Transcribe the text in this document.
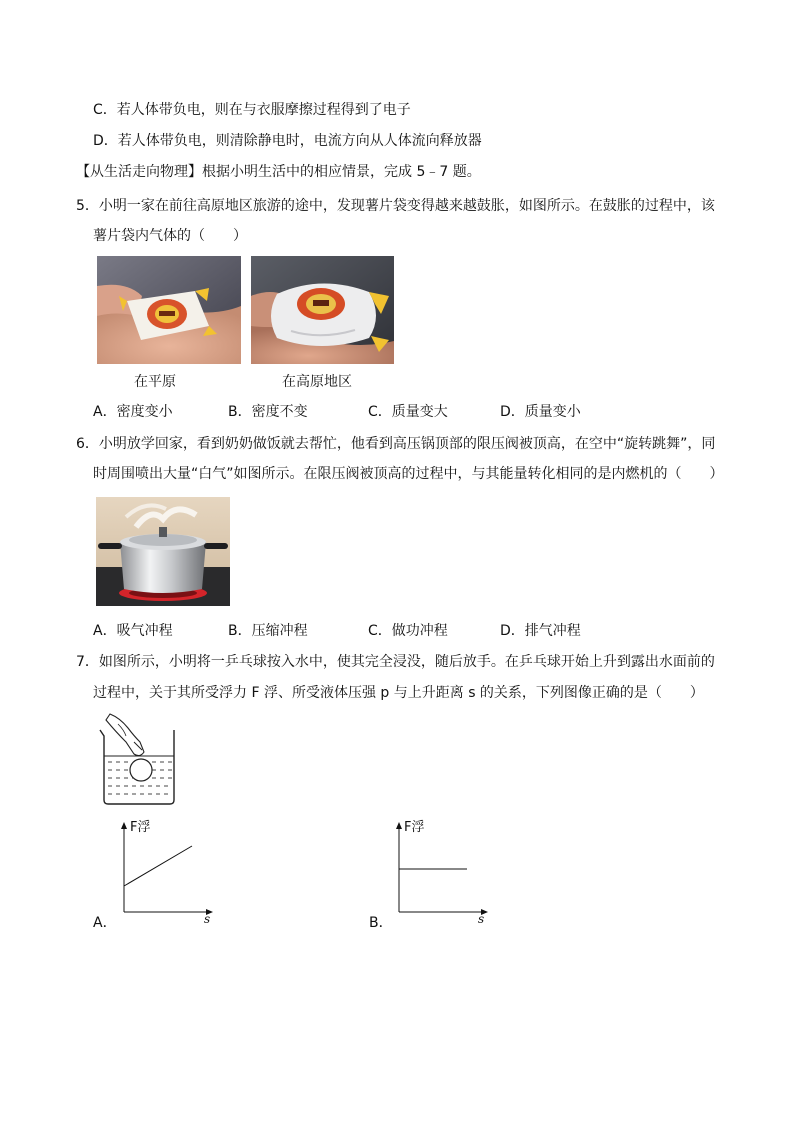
C．若人体带负电，则在与衣服摩擦过程得到了电子
D．若人体带负电，则清除静电时，电流方向从人体流向释放器
【从生活走向物理】根据小明生活中的相应情景，完成 5﹣7 题。
5．小明一家在前往高原地区旅游的途中，发现薯片袋变得越来越鼓胀，如图所示。在鼓胀的过程中，该
薯片袋内气体的（　　）
在平原	在高原地区
A．密度变小	B．密度不变	C．质量变大	D．质量变小
6．小明放学回家，看到奶奶做饭就去帮忙，他看到高压锅顶部的限压阀被顶高，在空中“旋转跳舞”，同
时周围喷出大量“白气”如图所示。在限压阀被顶高的过程中，与其能量转化相同的是内燃机的（　　）
A．吸气冲程	B．压缩冲程	C．做功冲程	D．排气冲程
7．如图所示，小明将一乒乓球按入水中，使其完全浸没，随后放手。在乒乓球开始上升到露出水面前的
过程中，关于其所受浮力 F 浮、所受液体压强 p 与上升距离 s 的关系，下列图像正确的是（　　）
F浮
s
A．
F浮
s
B．
